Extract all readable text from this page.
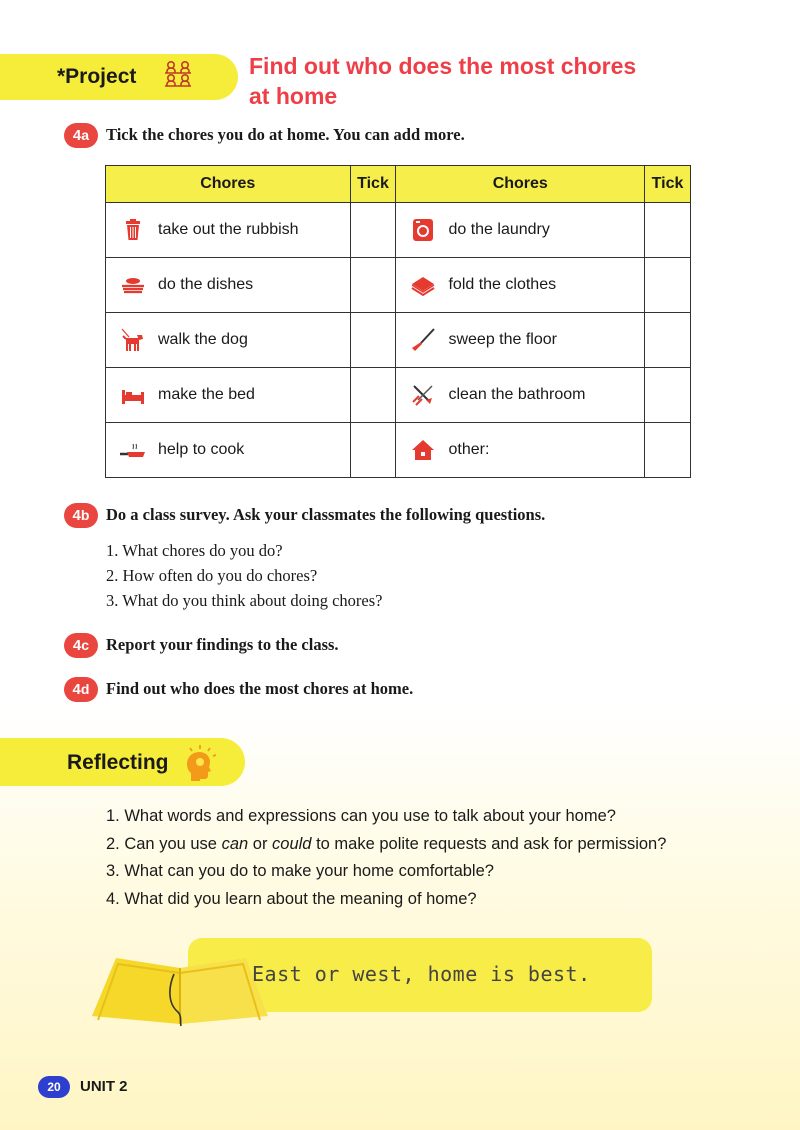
*Project	Find out who does the most chores
at home
4a	Tick the chores you do at home. You can add more.
Chores	Tick	Chores	Tick

take out the rubbish		do the laundry	

do the dishes		fold the clothes	

walk the dog		sweep the floor	

make the bed		clean the bathroom	

help to cook		other:	

4b	Do a class survey. Ask your classmates the following questions.
1. What chores do you do?
2. How often do you do chores?
3. What do you think about doing chores?
4c	Report your findings to the class.
4d	Find out who does the most chores at home.
Reflecting
1. What words and expressions can you use to talk about your home?
2. Can you use can or could to make polite requests and ask for permission?
3. What can you do to make your home comfortable?
4. What did you learn about the meaning of home?
East or west, home is best.
20	UNIT 2
